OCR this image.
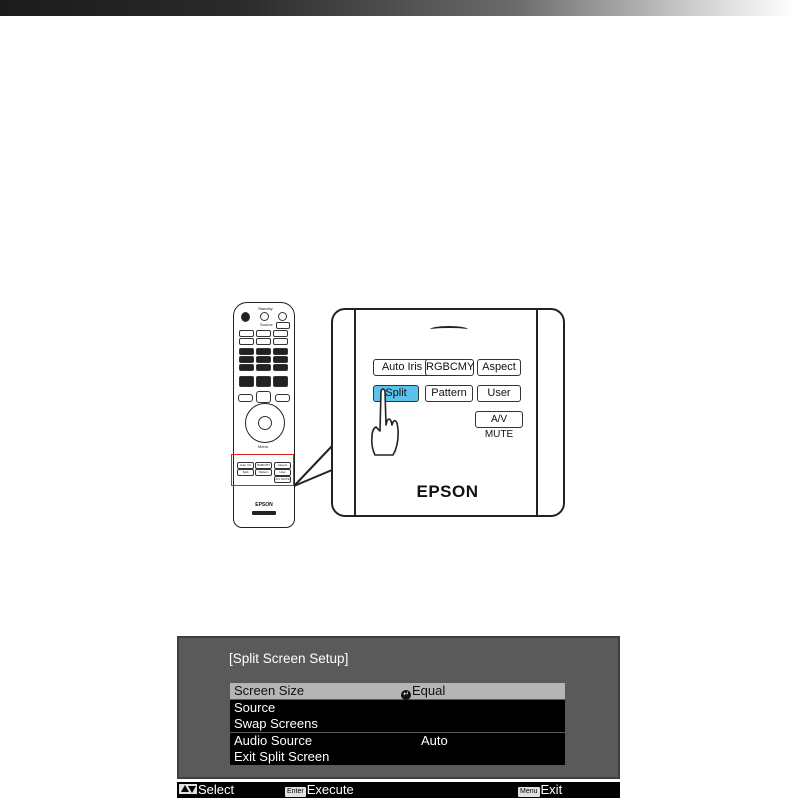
Standby
Source
Menu
Auto Iris	RGBCMY	Aspect
Split	Pattern	User
A/V MUTE
EPSON
Auto Iris RGBCMY Aspect
Split	Pattern	User
A/V MUTE
EPSON
[Split Screen Setup]
Screen Size	↵ Equal
Source
Swap Screens
Audio Source	Auto
Exit Split Screen
Select	Enter Execute	Menu Exit
